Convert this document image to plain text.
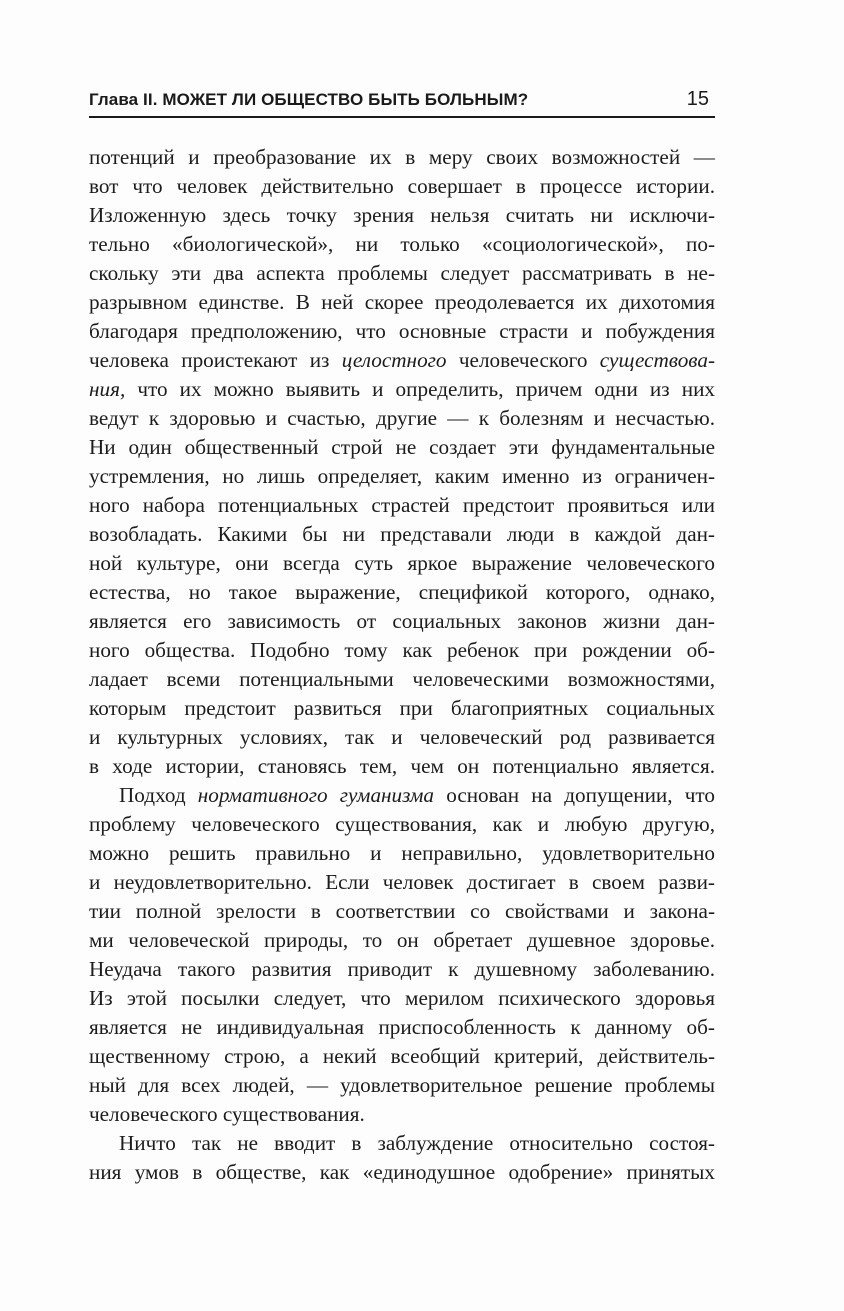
Глава II. МОЖЕТ ЛИ ОБЩЕСТВО БЫТЬ БОЛЬНЫМ?	15
потенций и преобразование их в меру своих возможностей —
вот что человек действительно совершает в процессе истории.
Изложенную здесь точку зрения нельзя считать ни исключи-
тельно «биологической», ни только «социологической», по-
скольку эти два аспекта проблемы следует рассматривать в не-
разрывном единстве. В ней скорее преодолевается их дихотомия
благодаря предположению, что основные страсти и побуждения
человека проистекают из целостного человеческого существова-
ния, что их можно выявить и определить, причем одни из них
ведут к здоровью и счастью, другие — к болезням и несчастью.
Ни один общественный строй не создает эти фундаментальные
устремления, но лишь определяет, каким именно из ограничен-
ного набора потенциальных страстей предстоит проявиться или
возобладать. Какими бы ни представали люди в каждой дан-
ной культуре, они всегда суть яркое выражение человеческого
естества, но такое выражение, спецификой которого, однако,
является его зависимость от социальных законов жизни дан-
ного общества. Подобно тому как ребенок при рождении об-
ладает всеми потенциальными человеческими возможностями,
которым предстоит развиться при благоприятных социальных
и культурных условиях, так и человеческий род развивается
в ходе истории, становясь тем, чем он потенциально является.
Подход нормативного гуманизма основан на допущении, что
проблему человеческого существования, как и любую другую,
можно решить правильно и неправильно, удовлетворительно
и неудовлетворительно. Если человек достигает в своем разви-
тии полной зрелости в соответствии со свойствами и закона-
ми человеческой природы, то он обретает душевное здоровье.
Неудача такого развития приводит к душевному заболеванию.
Из этой посылки следует, что мерилом психического здоровья
является не индивидуальная приспособленность к данному об-
щественному строю, а некий всеобщий критерий, действитель-
ный для всех людей, — удовлетворительное решение проблемы
человеческого существования.
Ничто так не вводит в заблуждение относительно состоя-
ния умов в обществе, как «единодушное одобрение» принятых
